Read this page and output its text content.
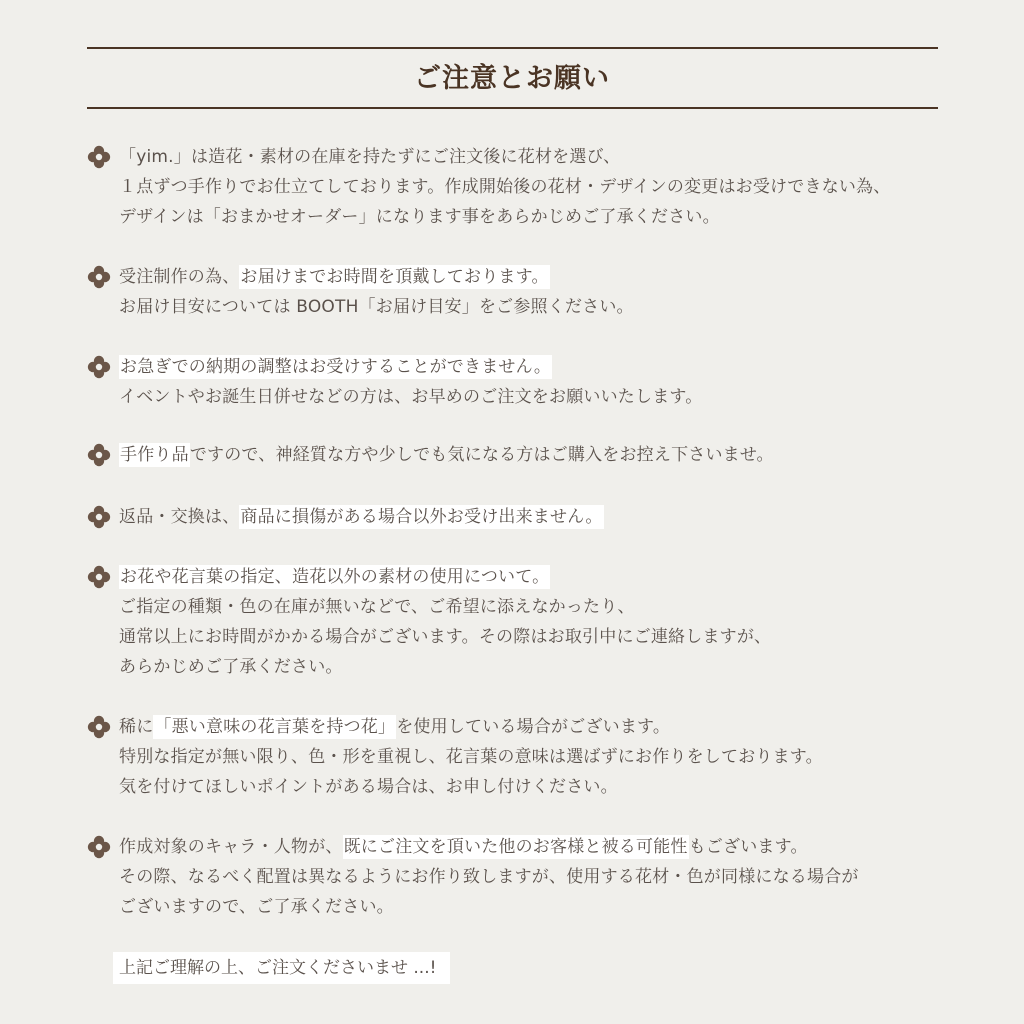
ご注意とお願い
「yim.」は造花・素材の在庫を持たずにご注文後に花材を選び、
１点ずつ手作りでお仕立てしております。作成開始後の花材・デザインの変更はお受けできない為、
デザインは「おまかせオーダー」になります事をあらかじめご了承ください。
受注制作の為、お届けまでお時間を頂戴しております。
お届け目安については BOOTH「お届け目安」をご参照ください。
お急ぎでの納期の調整はお受けすることができません。
イベントやお誕生日併せなどの方は、お早めのご注文をお願いいたします。
手作り品ですので、神経質な方や少しでも気になる方はご購入をお控え下さいませ。
返品・交換は、商品に損傷がある場合以外お受け出来ません。
お花や花言葉の指定、造花以外の素材の使用について。
ご指定の種類・色の在庫が無いなどで、ご希望に添えなかったり、
通常以上にお時間がかかる場合がございます。その際はお取引中にご連絡しますが、
あらかじめご了承ください。
稀に「悪い意味の花言葉を持つ花」を使用している場合がございます。
特別な指定が無い限り、色・形を重視し、花言葉の意味は選ばずにお作りをしております。
気を付けてほしいポイントがある場合は、お申し付けください。
作成対象のキャラ・人物が、既にご注文を頂いた他のお客様と被る可能性もございます。
その際、なるべく配置は異なるようにお作り致しますが、使用する花材・色が同様になる場合が
ございますので、ご了承ください。
上記ご理解の上、ご注文くださいませ ...!
